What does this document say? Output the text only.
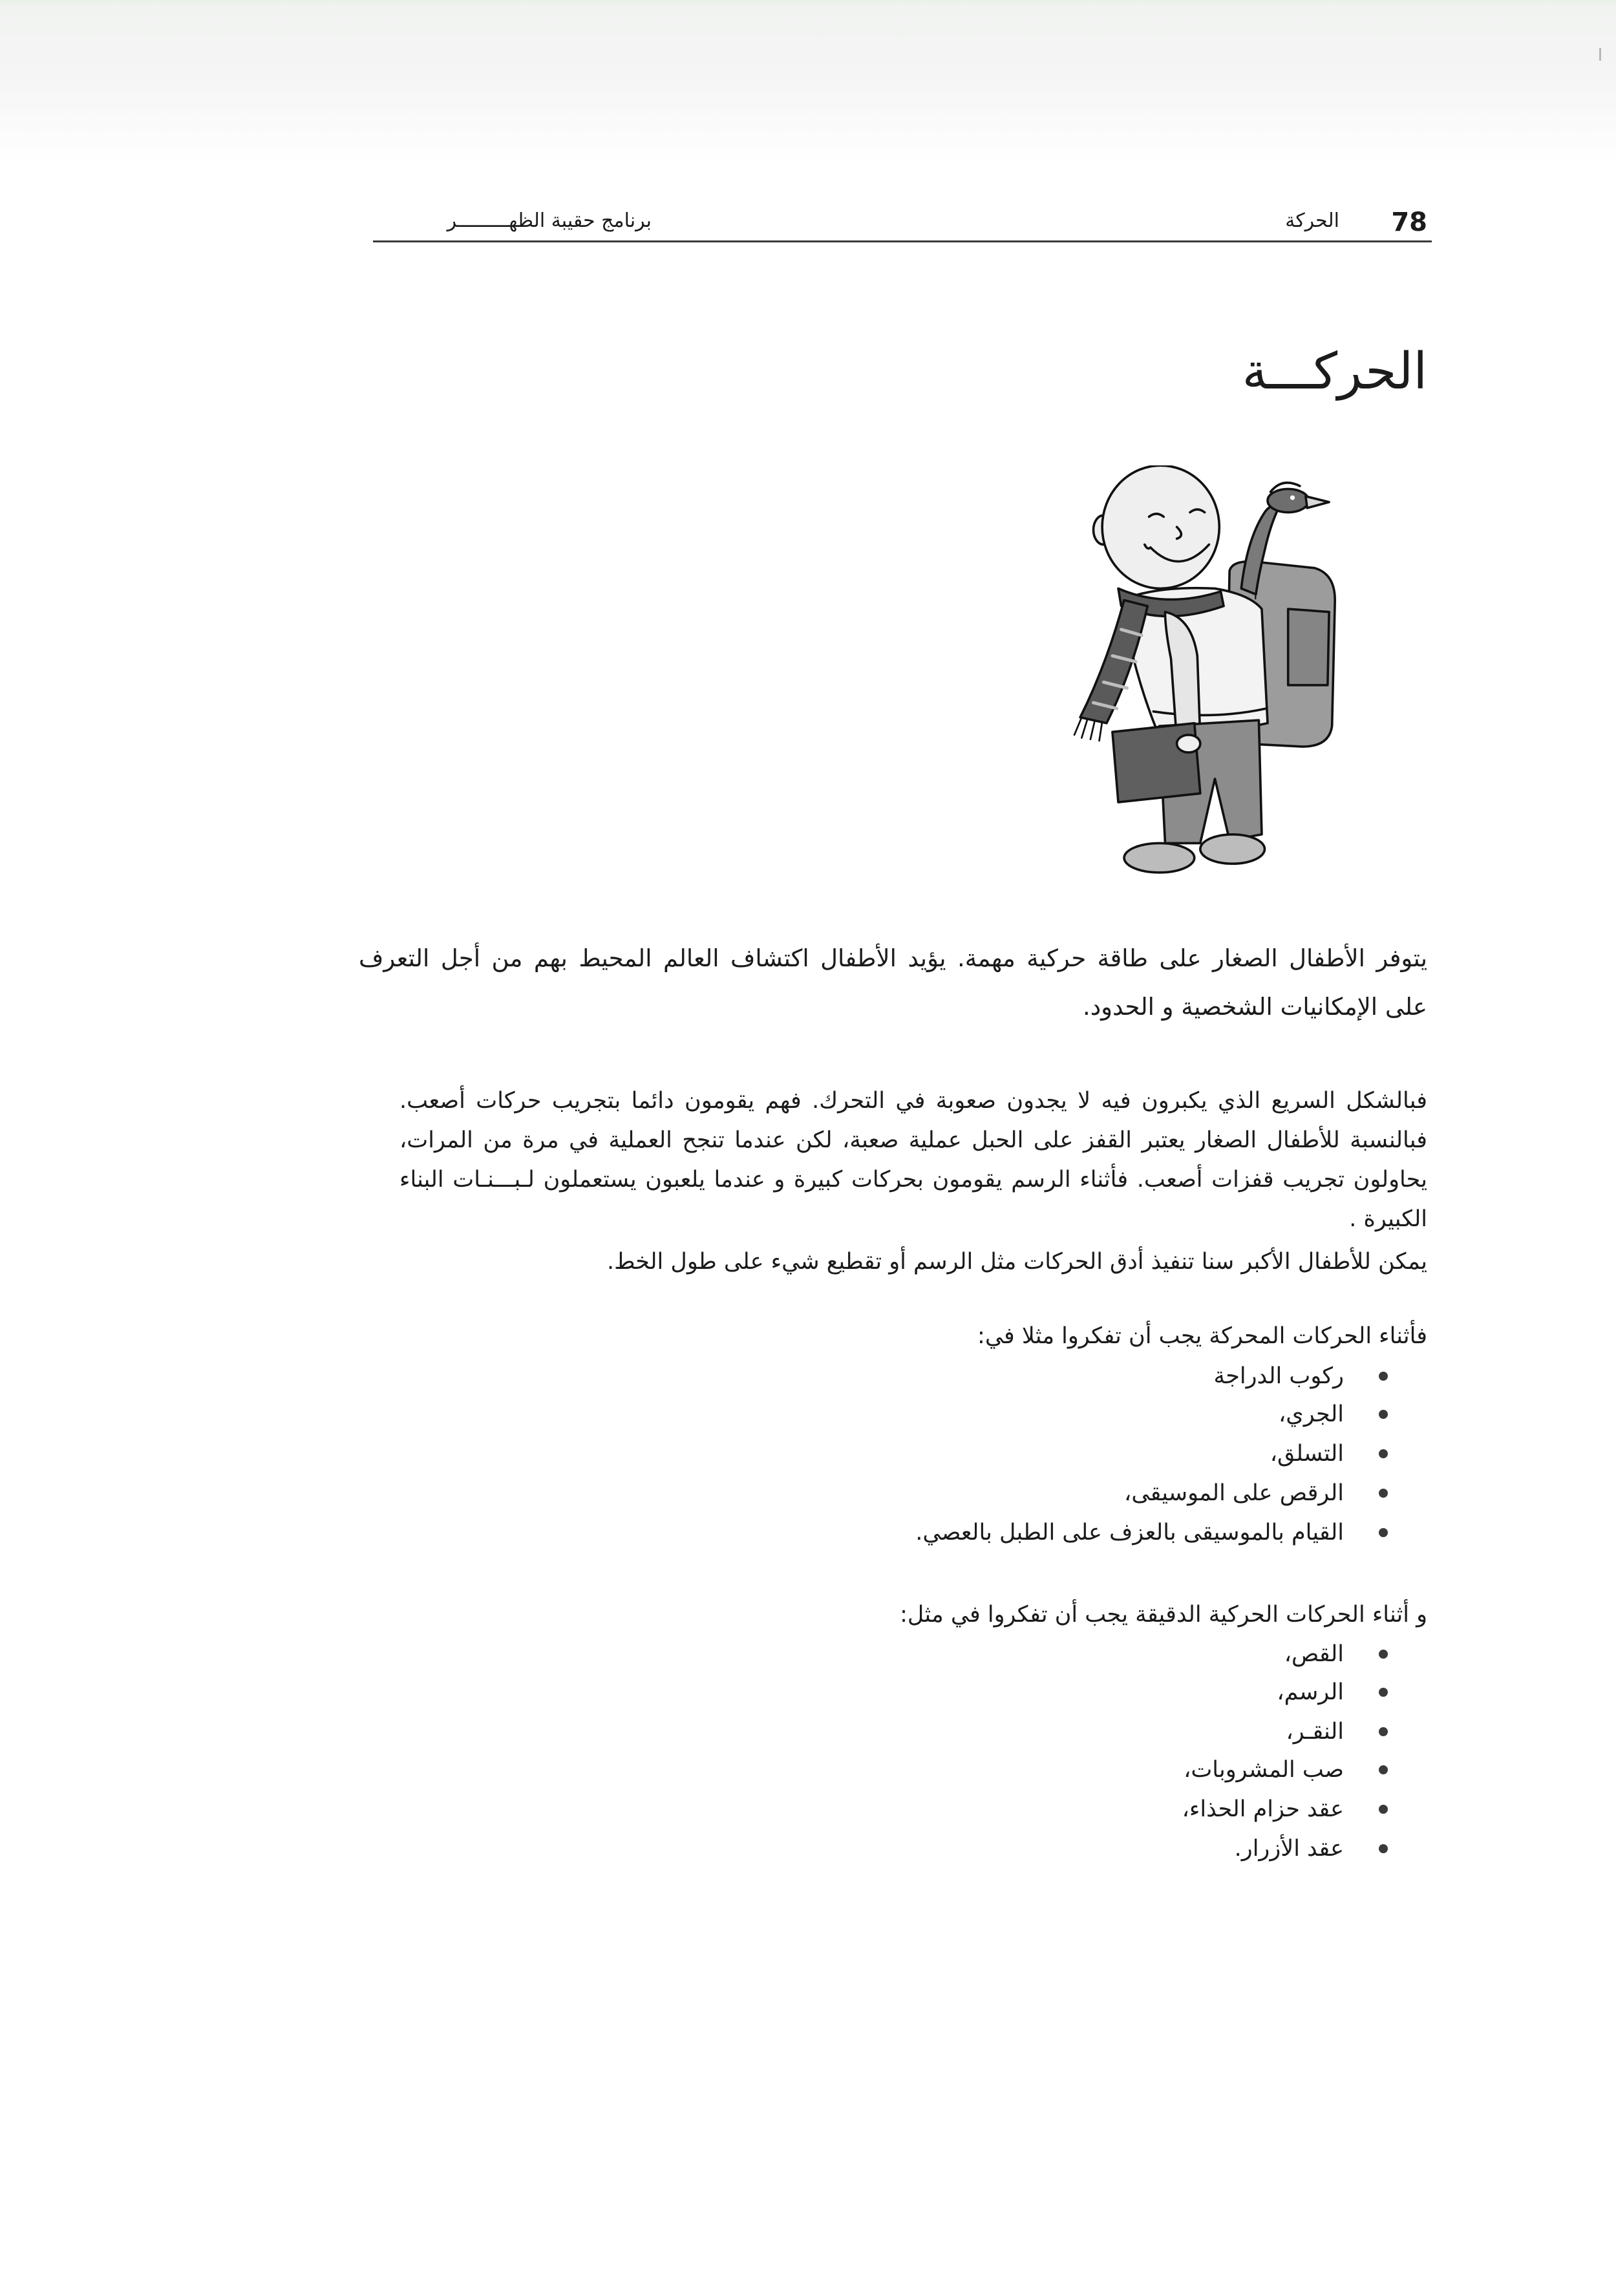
78
الحركة
برنامج حقيبة الظهـــــــــر
الحركـــة
يتوفر الأطفال الصغار على طاقة حركية مهمة. يؤيد الأطفال اكتشاف العالم المحيط بهم من أجل التعرف
على الإمكانيات الشخصية و الحدود.
فبالشكل السريع الذي يكبرون فيه لا يجدون صعوبة في التحرك. فهم يقومون دائما بتجريب حركات أصعب.
فبالنسبة للأطفال الصغار يعتبر القفز على الحبل عملية صعبة، لكن عندما تنجح العملية في مرة من المرات،
يحاولون تجريب قفزات أصعب. فأثناء الرسم يقومون بحركات كبيرة و عندما يلعبون يستعملون لـبـــنـات البناء
الكبيرة .
يمكن للأطفال الأكبر سنا تنفيذ أدق الحركات مثل الرسم أو تقطيع شيء على طول الخط.
فأثناء الحركات المحركة يجب أن تفكروا مثلا في:
ركوب الدراجة
الجري،
التسلق،
الرقص على الموسيقى،
القيام بالموسيقى بالعزف على الطبل بالعصي.
و أثناء الحركات الحركية الدقيقة يجب أن تفكروا في مثل:
القص،
الرسم،
النقـر،
صب المشروبات،
عقد حزام الحذاء،
عقد الأزرار.
